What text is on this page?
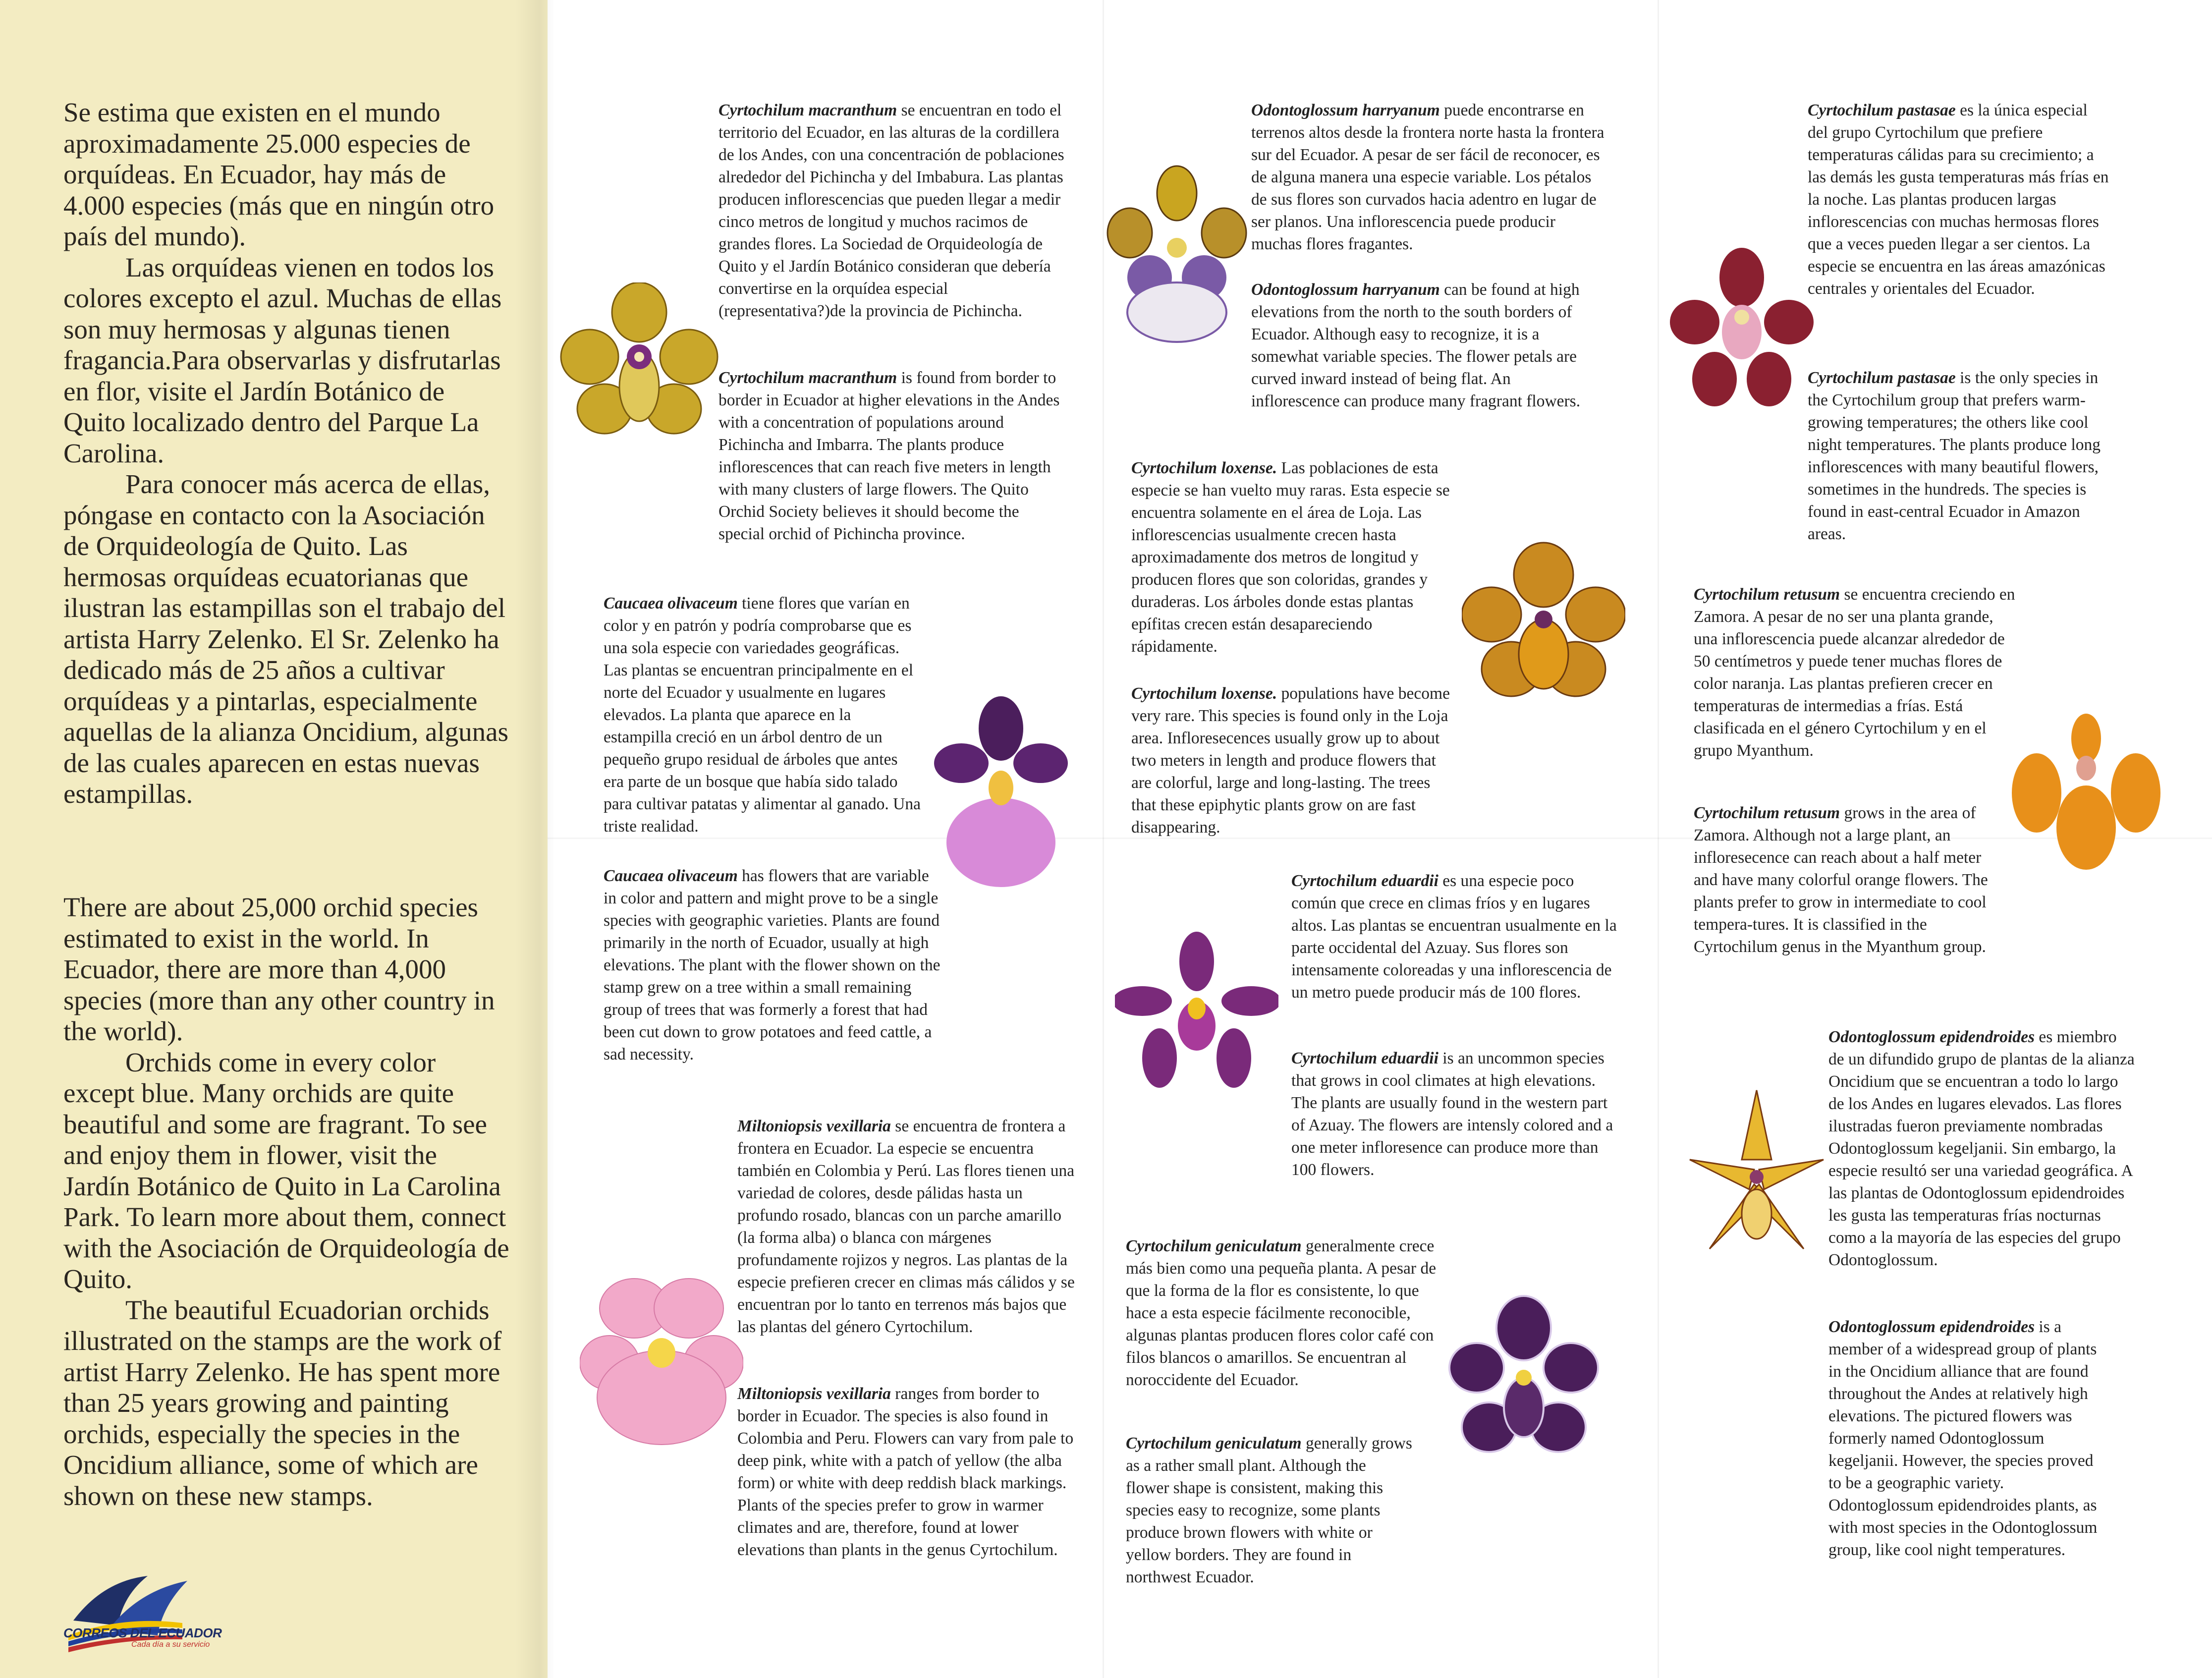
Se estima que existen en el mundo aproximadamente 25.000 especies de orquídeas. En Ecuador, hay más de 4.000 especies (más que en ningún otro país del mundo).

Las orquídeas vienen en todos los colores excepto el azul. Muchas de ellas son muy hermosas y algunas tienen fragancia.Para observarlas y disfrutarlas en flor, visite el Jardín Botánico de Quito localizado dentro del Parque La Carolina.

Para conocer más acerca de ellas, póngase en contacto con la Asociación de Orquideología de Quito. Las hermosas orquídeas ecuatorianas que ilustran las estampillas son el trabajo del artista Harry Zelenko. El Sr. Zelenko ha dedicado más de 25 años a cultivar orquídeas y a pintarlas, especialmente aquellas de la alianza Oncidium, algunas de las cuales aparecen en estas nuevas estampillas.

There are about 25,000 orchid species estimated to exist in the world. In Ecuador, there are more than 4,000 species (more than any other country in the world).

Orchids come in every color except blue. Many orchids are quite beautiful and some are fragrant. To see and enjoy them in flower, visit the Jardín Botánico de Quito in La Carolina Park. To learn more about them, connect with the Asociación de Orquideología de Quito.

The beautiful Ecuadorian orchids illustrated on the stamps are the work of artist Harry Zelenko. He has spent more than 25 years growing and painting orchids, especially the species in the Oncidium alliance, some of which are shown on these new stamps.

CORREOS DEL ECUADOR
Cada día a su servicio

Cyrtochilum macranthum se encuentran en todo el territorio del Ecuador, en las alturas de la cordillera de los Andes, con una concentración de poblaciones alrededor del Pichincha y del Imbabura. Las plantas producen inflorescencias que pueden llegar a medir cinco metros de longitud y muchos racimos de grandes flores. La Sociedad de Orquideología de Quito y el Jardín Botánico consideran que debería convertirse en la orquídea especial (representativa?)de la provincia de Pichincha.

Cyrtochilum macranthum is found from border to border in Ecuador at higher elevations in the Andes with a concentration of populations around Pichincha and Imbarra. The plants produce inflorescences that can reach five meters in length with many clusters of large flowers. The Quito Orchid Society believes it should become the special orchid of Pichincha province.

Caucaea olivaceum tiene flores que varían en color y en patrón y podría comprobarse que es una sola especie con variedades geográficas. Las plantas se encuentran principalmente en el norte del Ecuador y usualmente en lugares elevados. La planta que aparece en la estampilla creció en un árbol dentro de un pequeño grupo residual de árboles que antes era parte de un bosque que había sido talado para cultivar patatas y alimentar al ganado. Una triste realidad.

Caucaea olivaceum has flowers that are variable in color and pattern and might prove to be a single species with geographic varieties. Plants are found primarily in the north of Ecuador, usually at high elevations. The plant with the flower shown on the stamp grew on a tree within a small remaining group of trees that was formerly a forest that had been cut down to grow potatoes and feed cattle, a sad necessity.

Miltoniopsis vexillaria se encuentra de frontera a frontera en Ecuador. La especie se encuentra también en Colombia y Perú. Las flores tienen una variedad de colores, desde pálidas hasta un profundo rosado, blancas con un parche amarillo (la forma alba) o blanca con márgenes profundamente rojizos y negros. Las plantas de la especie prefieren crecer en climas más cálidos y se encuentran por lo tanto en terrenos más bajos que las plantas del género Cyrtochilum.

Miltoniopsis vexillaria ranges from border to border in Ecuador. The species is also found in Colombia and Peru. Flowers can vary from pale to deep pink, white with a patch of yellow (the alba form) or white with deep reddish black markings. Plants of the species prefer to grow in warmer climates and are, therefore, found at lower elevations than plants in the genus Cyrtochilum.

Odontoglossum harryanum puede encontrarse en terrenos altos desde la frontera norte hasta la frontera sur del Ecuador. A pesar de ser fácil de reconocer, es de alguna manera una especie variable. Los pétalos de sus flores son curvados hacia adentro en lugar de ser planos. Una inflorescencia puede producir muchas flores fragantes.

Odontoglossum harryanum can be found at high elevations from the north to the south borders of Ecuador. Although easy to recognize, it is a somewhat variable species. The flower petals are curved inward instead of being flat. An inflorescence can produce many fragrant flowers.

Cyrtochilum loxense. Las poblaciones de esta especie se han vuelto muy raras. Esta especie se encuentra solamente en el área de Loja. Las inflorescencias usualmente crecen hasta aproximadamente dos metros de longitud y producen flores que son coloridas, grandes y duraderas. Los árboles donde estas plantas epífitas crecen están desapareciendo rápidamente.

Cyrtochilum loxense. populations have become very rare. This species is found only in the Loja area. Infloresecences usually grow up to about two meters in length and produce flowers that are colorful, large and long-lasting. The trees that these epiphytic plants grow on are fast disappearing.

Cyrtochilum eduardii es una especie poco común que crece en climas fríos y en lugares altos. Las plantas se encuentran usualmente en la parte occidental del Azuay. Sus flores son intensamente coloreadas y una inflorescencia de un metro puede producir más de 100 flores.

Cyrtochilum eduardii is an uncommon species that grows in cool climates at high elevations. The plants are usually found in the western part of Azuay. The flowers are intensly colored and a one meter infloresence can produce more than 100 flowers.

Cyrtochilum geniculatum generalmente crece más bien como una pequeña planta. A pesar de que la forma de la flor es consistente, lo que hace a esta especie fácilmente reconocible, algunas plantas producen flores color café con filos blancos o amarillos. Se encuentran al noroccidente del Ecuador.

Cyrtochilum geniculatum generally grows as a rather small plant. Although the flower shape is consistent, making this species easy to recognize, some plants produce brown flowers with white or yellow borders. They are found in northwest Ecuador.

Cyrtochilum pastasae es la única especial del grupo Cyrtochilum que prefiere temperaturas cálidas para su crecimiento; a las demás les gusta temperaturas más frías en la noche. Las plantas producen largas inflorescencias con muchas hermosas flores que a veces pueden llegar a ser cientos. La especie se encuentra en las áreas amazónicas centrales y orientales del Ecuador.

Cyrtochilum pastasae is the only species in the Cyrtochilum group that prefers warm-growing temperatures; the others like cool night temperatures. The plants produce long inflorescences with many beautiful flowers, sometimes in the hundreds. The species is found in east-central Ecuador in Amazon areas.

Cyrtochilum retusum se encuentra creciendo en Zamora. A pesar de no ser una planta grande, una inflorescencia puede alcanzar alrededor de 50 centímetros y puede tener muchas flores de color naranja. Las plantas prefieren crecer en temperaturas de intermedias a frías. Está clasificada en el género Cyrtochilum y en el grupo Myanthum.

Cyrtochilum retusum grows in the area of Zamora. Although not a large plant, an infloresecence can reach about a half meter and have many colorful orange flowers. The plants prefer to grow in intermediate to cool tempera-tures. It is classified in the Cyrtochilum genus in the Myanthum group.

Odontoglossum epidendroides es miembro de un difundido grupo de plantas de la alianza Oncidium que se encuentran a todo lo largo de los Andes en lugares elevados. Las flores ilustradas fueron previamente nombradas Odontoglossum kegeljanii. Sin embargo, la especie resultó ser una variedad geográfica. A las plantas de Odontoglossum epidendroides les gusta las temperaturas frías nocturnas como a la mayoría de las especies del grupo Odontoglossum.

Odontoglossum epidendroides is a member of a widespread group of plants in the Oncidium alliance that are found throughout the Andes at relatively high elevations. The pictured flowers was formerly named Odontoglossum kegeljanii. However, the species proved to be a geographic variety. Odontoglossum epidendroides plants, as with most species in the Odontoglossum group, like cool night temperatures.
